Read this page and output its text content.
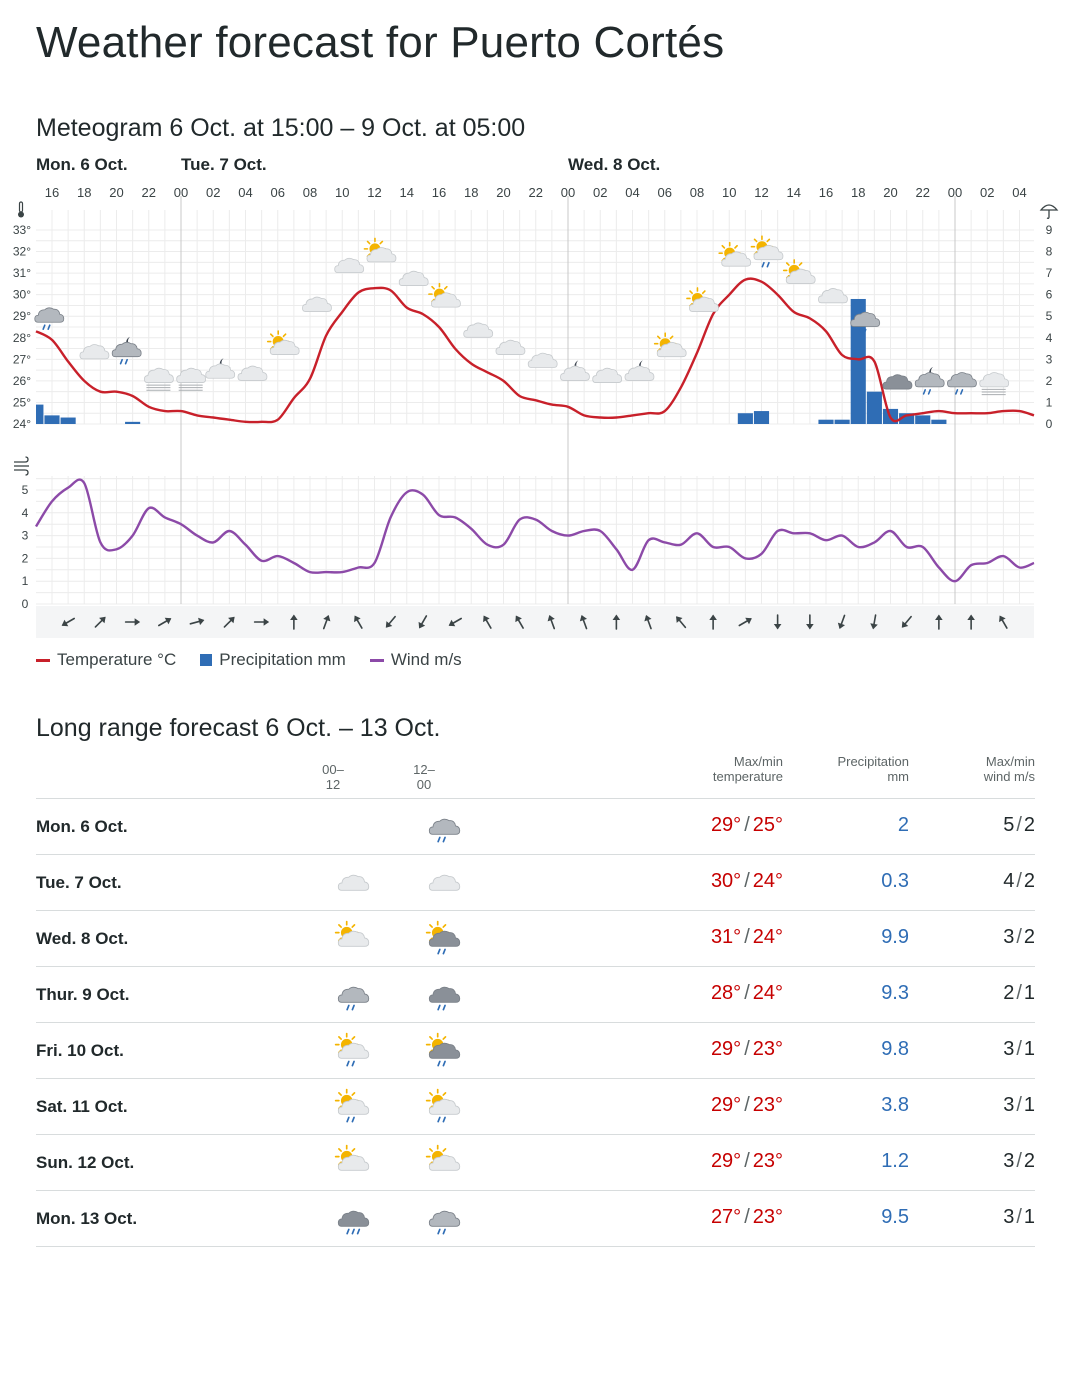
Weather forecast for Puerto Cortés
Meteogram 6 Oct. at 15:00 – 9 Oct. at 05:00
Mon. 6 Oct.	Tue. 7 Oct.	Wed. 8 Oct.
16 18 20 22 00 02 04 06 08 10 12 14 16 18 20 22 00 02 04 06 08 10 12 14 16 18 20 22 00 02 04
24°
25°
26°
27°
28°
29°
30°
31°
32°
33°
0
1
2
3
4
5
6
7
8
9
0
1
2
3
4
5
Temperature °C	Precipitation mm	Wind m/s
Long range forecast 6 Oct. – 13 Oct.
00–12
12–00
Max/min
temperature
Precipitation
mm
Max/min
wind m/s
Mon. 6 Oct.	29° / 25°	2	5 / 2
Tue. 7 Oct.	30° / 24°	0.3	4 / 2
Wed. 8 Oct.	31° / 24°	9.9	3 / 2
Thur. 9 Oct.	28° / 24°	9.3	2 / 1
Fri. 10 Oct.	29° / 23°	9.8	3 / 1
Sat. 11 Oct.	29° / 23°	3.8	3 / 1
Sun. 12 Oct.	29° / 23°	1.2	3 / 2
Mon. 13 Oct.	27° / 23°	9.5	3 / 1
